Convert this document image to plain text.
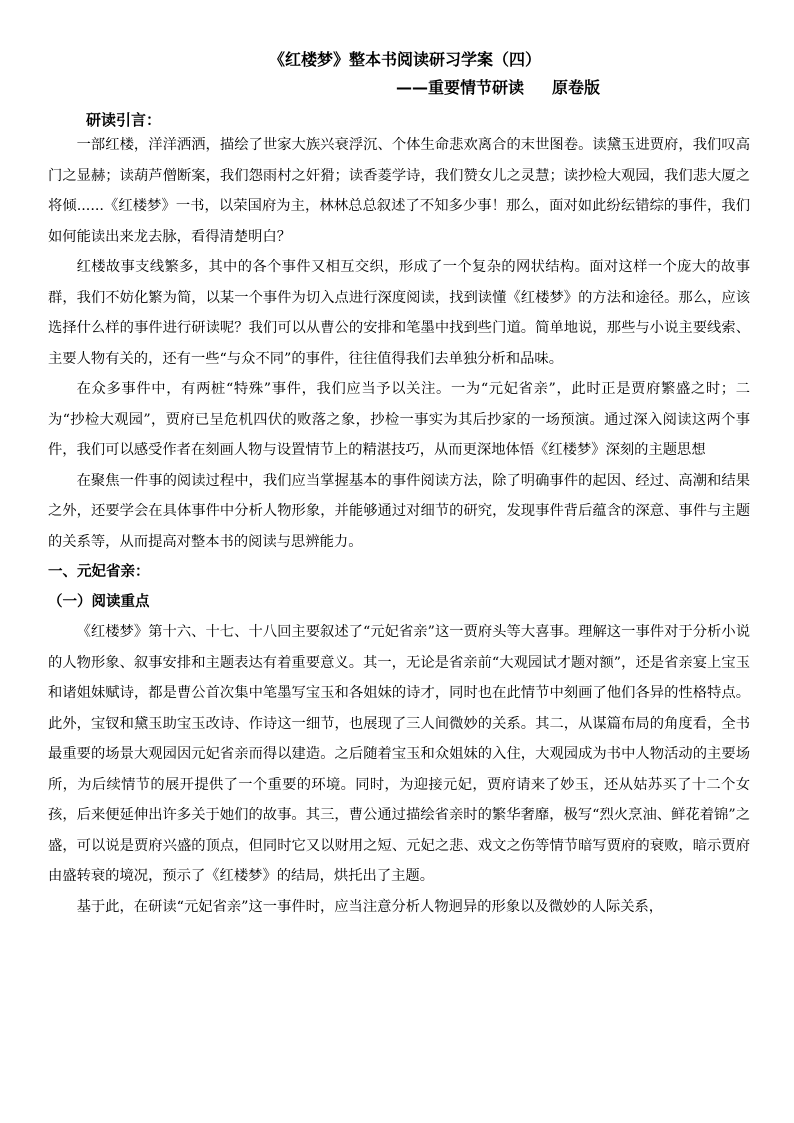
《红楼梦》整本书阅读研习学案（四）
——重要情节研读 原卷版
研读引言：

一部红楼，洋洋洒洒，描绘了世家大族兴衰浮沉、个体生命悲欢离合的末世图卷。读黛玉进贾府，我们叹高门之显赫；读葫芦僧断案，我们怨雨村之奸猾；读香菱学诗，我们赞女儿之灵慧；读抄检大观园，我们悲大厦之将倾......《红楼梦》一书，以荣国府为主，林林总总叙述了不知多少事！那么，面对如此纷纭错综的事件，我们如何能读出来龙去脉，看得清楚明白？

红楼故事支线繁多，其中的各个事件又相互交织，形成了一个复杂的网状结构。面对这样一个庞大的故事群，我们不妨化繁为简，以某一个事件为切入点进行深度阅读，找到读懂《红楼梦》的方法和途径。那么，应该选择什么样的事件进行研读呢？我们可以从曹公的安排和笔墨中找到些门道。简单地说，那些与小说主要线索、主要人物有关的，还有一些“与众不同”的事件，往往值得我们去单独分析和品味。

在众多事件中，有两桩“特殊”事件，我们应当予以关注。一为“元妃省亲”，此时正是贾府繁盛之时；二为“抄检大观园”，贾府已呈危机四伏的败落之象，抄检一事实为其后抄家的一场预演。通过深入阅读这两个事件，我们可以感受作者在刻画人物与设置情节上的精湛技巧，从而更深地体悟《红楼梦》深刻的主题思想

在聚焦一件事的阅读过程中，我们应当掌握基本的事件阅读方法，除了明确事件的起因、经过、高潮和结果之外，还要学会在具体事件中分析人物形象，并能够通过对细节的研究，发现事件背后蕴含的深意、事件与主题的关系等，从而提高对整本书的阅读与思辨能力。

一、元妃省亲：
（一）阅读重点

《红楼梦》第十六、十七、十八回主要叙述了“元妃省亲”这一贾府头等大喜事。理解这一事件对于分析小说的人物形象、叙事安排和主题表达有着重要意义。其一，无论是省亲前“大观园试才题对额”，还是省亲宴上宝玉和诸姐妹赋诗，都是曹公首次集中笔墨写宝玉和各姐妹的诗才，同时也在此情节中刻画了他们各异的性格特点。此外，宝钗和黛玉助宝玉改诗、作诗这一细节，也展现了三人间微妙的关系。其二，从谋篇布局的角度看，全书最重要的场景大观园因元妃省亲而得以建造。之后随着宝玉和众姐妹的入住，大观园成为书中人物活动的主要场所，为后续情节的展开提供了一个重要的环境。同时，为迎接元妃，贾府请来了妙玉，还从姑苏买了十二个女孩，后来便延伸出许多关于她们的故事。其三，曹公通过描绘省亲时的繁华奢靡，极写“烈火烹油、鲜花着锦”之盛，可以说是贾府兴盛的顶点，但同时它又以财用之短、元妃之悲、戏文之伤等情节暗写贾府的衰败，暗示贾府由盛转衰的境况，预示了《红楼梦》的结局，烘托出了主题。

基于此，在研读“元妃省亲”这一事件时，应当注意分析人物迥异的形象以及微妙的人际关系，
